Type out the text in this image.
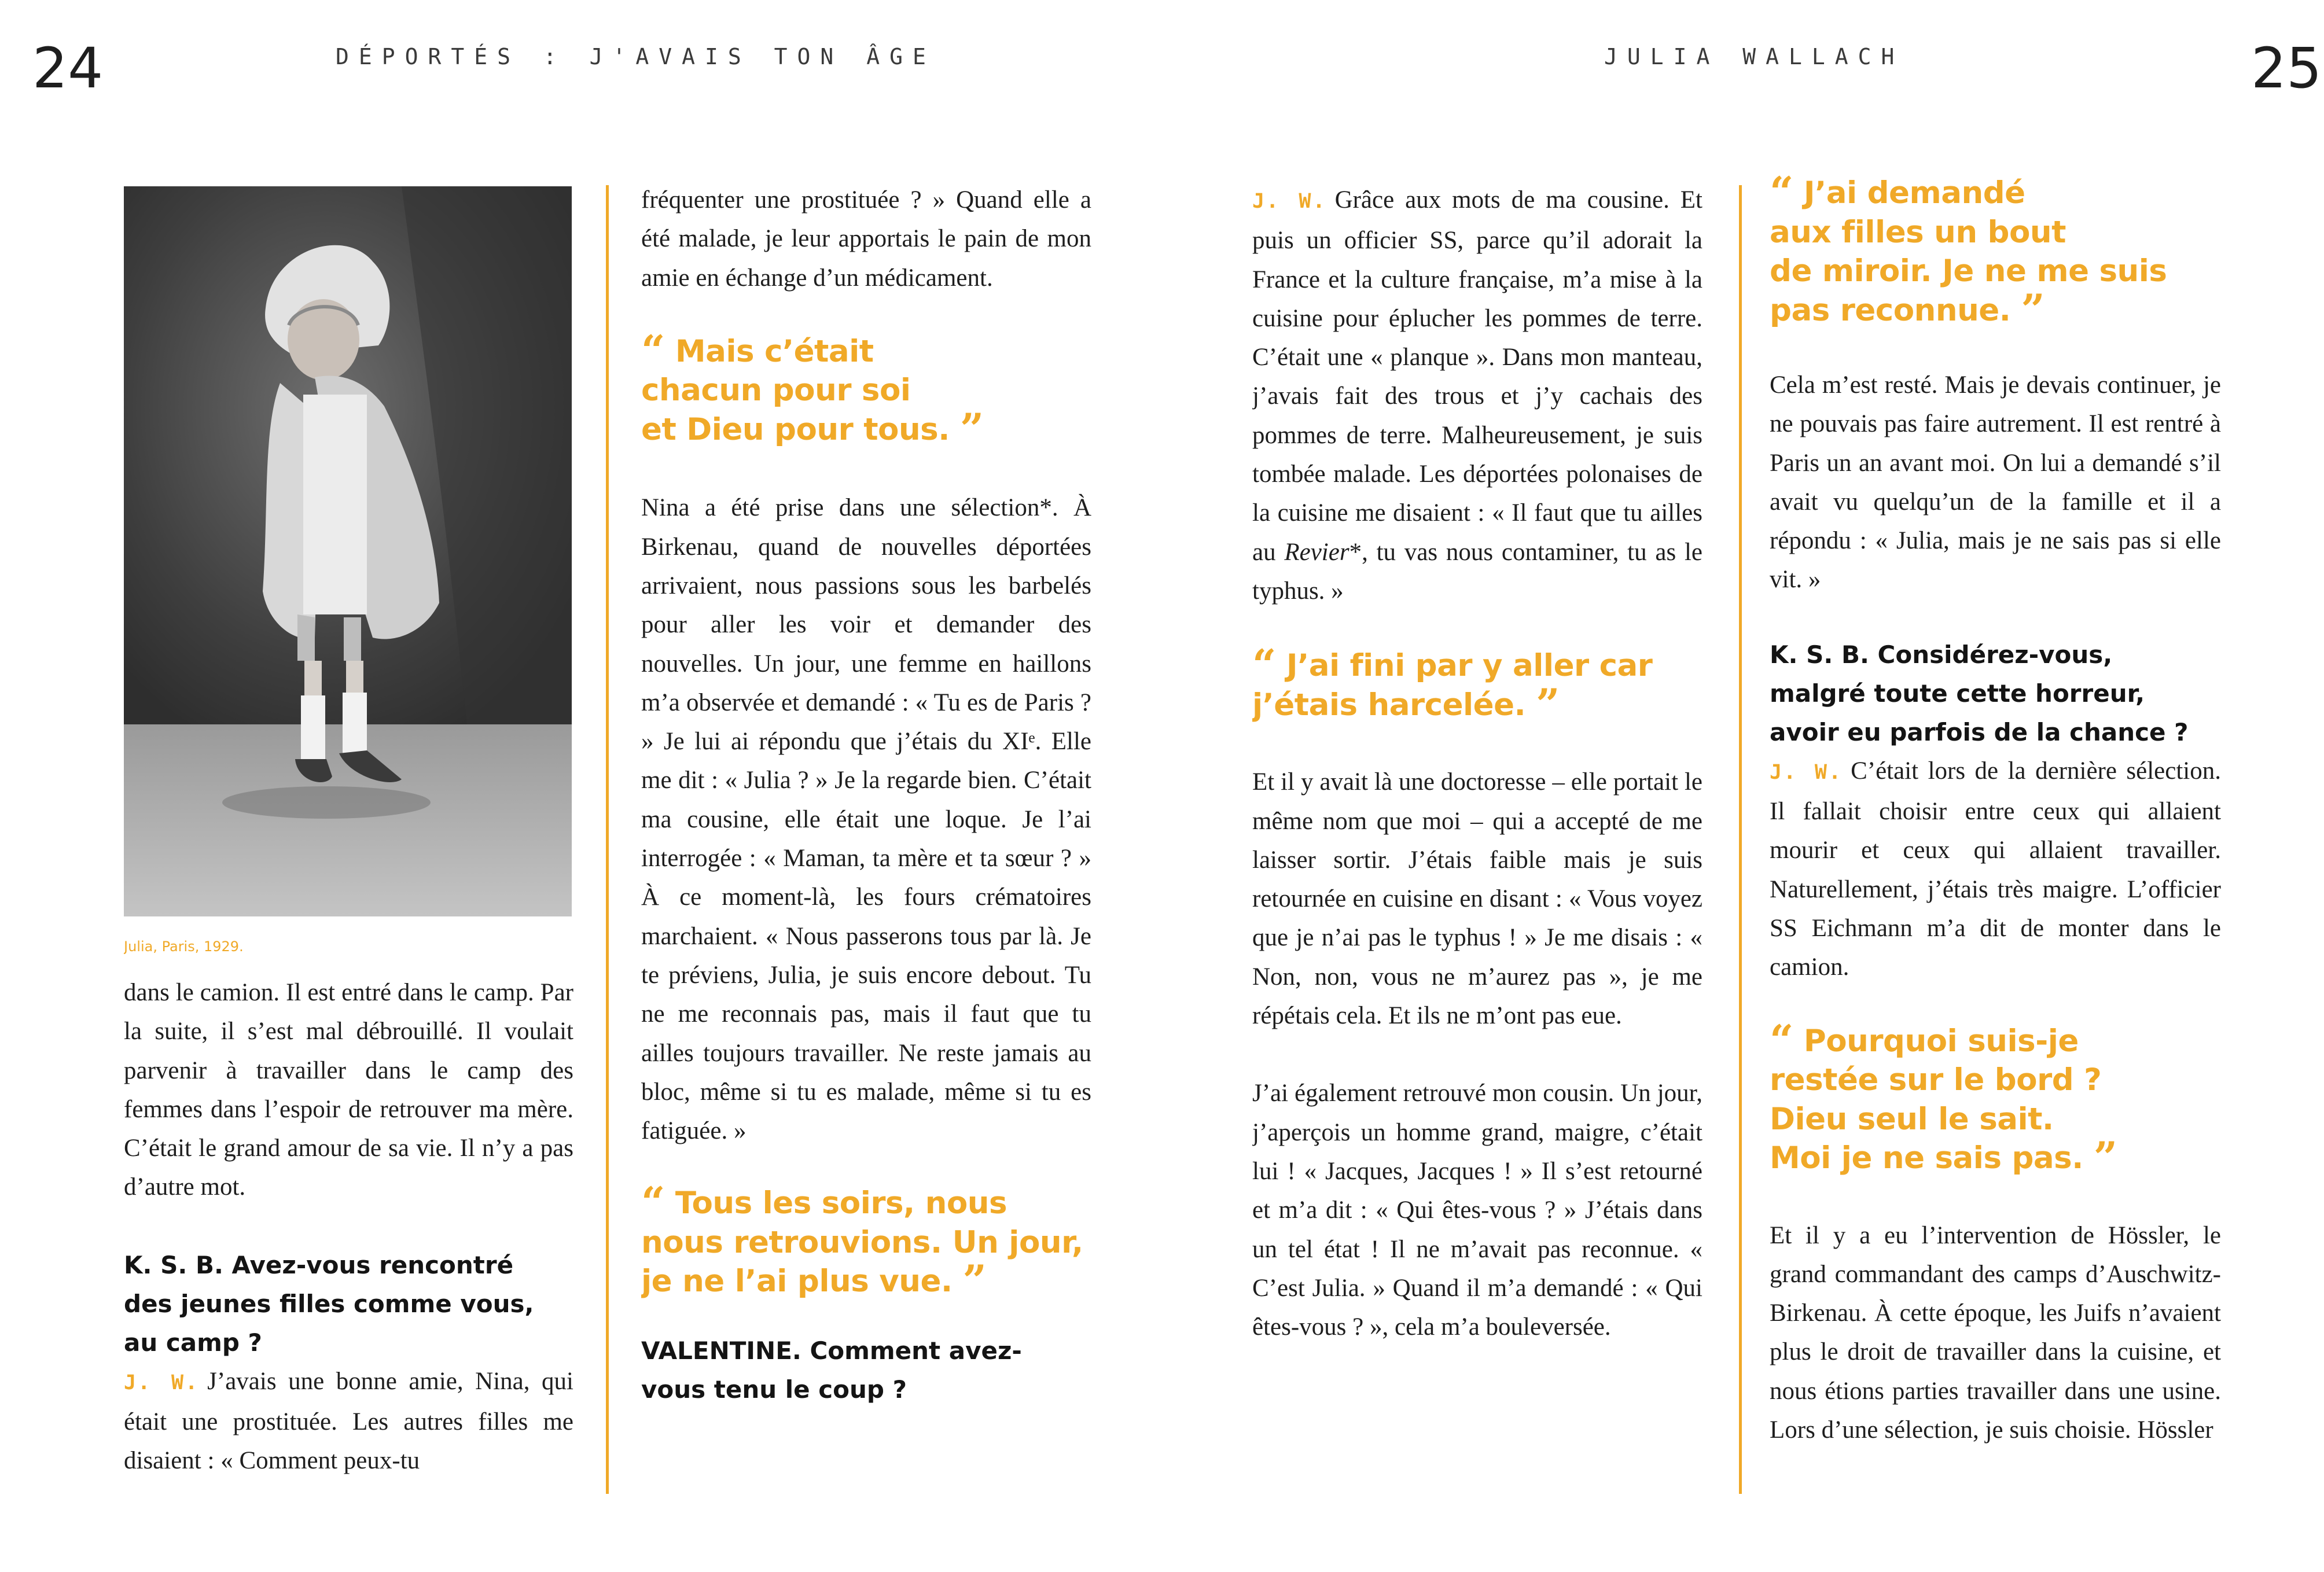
24	DÉPORTÉS : J'AVAIS TON ÂGE	JULIA WALLACH	25
Julia, Paris, 1929.
dans le camion. Il est entré dans le camp. Par la suite, il s’est mal débrouillé. Il voulait parvenir à travailler dans le camp des femmes dans l’espoir de retrouver ma mère. C’était le grand amour de sa vie. Il n’y a pas d’autre mot.
K. S. B. Avez-vous rencontré
des jeunes filles comme vous,
au camp ?
J. W. J’avais une bonne amie, Nina, qui était une prostituée. Les autres filles me disaient : « Comment peux-tu
fréquenter une prostituée ? » Quand elle a été malade, je leur apportais le pain de mon amie en échange d’un médicament.
“ Mais c’était
chacun pour soi
et Dieu pour tous. ”
Nina a été prise dans une sélection*. À Birkenau, quand de nouvelles déportées arrivaient, nous passions sous les barbelés pour aller les voir et demander des nouvelles. Un jour, une femme en haillons m’a observée et demandé : « Tu es de Paris ? » Je lui ai répondu que j’étais du XIᵉ. Elle me dit : « Julia ? » Je la regarde bien. C’était ma cousine, elle était une loque. Je l’ai interrogée : « Maman, ta mère et ta sœur ? » À ce moment-là, les fours crématoires marchaient. « Nous passerons tous par là. Je te préviens, Julia, je suis encore debout. Tu ne me reconnais pas, mais il faut que tu ailles toujours travailler. Ne reste jamais au bloc, même si tu es malade, même si tu es fatiguée. »
“ Tous les soirs, nous
nous retrouvions. Un jour,
je ne l’ai plus vue. ”
VALENTINE. Comment avez-
vous tenu le coup ?
J. W. Grâce aux mots de ma cousine. Et puis un officier SS, parce qu’il adorait la France et la culture française, m’a mise à la cuisine pour éplucher les pommes de terre. C’était une « planque ». Dans mon manteau, j’avais fait des trous et j’y cachais des pommes de terre. Malheureusement, je suis tombée malade. Les déportées polonaises de la cuisine me disaient : « Il faut que tu ailles au Revier*, tu vas nous contaminer, tu as le typhus. »
“ J’ai fini par y aller car
j’étais harcelée. ”
Et il y avait là une doctoresse – elle portait le même nom que moi – qui a accepté de me laisser sortir. J’étais faible mais je suis retournée en cuisine en disant : « Vous voyez que je n’ai pas le typhus ! » Je me disais : « Non, non, vous ne m’aurez pas », je me répétais cela. Et ils ne m’ont pas eue.
J’ai également retrouvé mon cousin. Un jour, j’aperçois un homme grand, maigre, c’était lui ! « Jacques, Jacques ! » Il s’est retourné et m’a dit : « Qui êtes-vous ? » J’étais dans un tel état ! Il ne m’avait pas reconnue. « C’est Julia. » Quand il m’a demandé : « Qui êtes-vous ? », cela m’a bouleversée.
“ J’ai demandé
aux filles un bout
de miroir. Je ne me suis
pas reconnue. ”
Cela m’est resté. Mais je devais continuer, je ne pouvais pas faire autrement. Il est rentré à Paris un an avant moi. On lui a demandé s’il avait vu quelqu’un de la famille et il a répondu : « Julia, mais je ne sais pas si elle vit. »
K. S. B. Considérez-vous,
malgré toute cette horreur,
avoir eu parfois de la chance ?
J. W. C’était lors de la dernière sélection. Il fallait choisir entre ceux qui allaient mourir et ceux qui allaient travailler. Naturellement, j’étais très maigre. L’officier SS Eichmann m’a dit de monter dans le camion.
“ Pourquoi suis-je
restée sur le bord ?
Dieu seul le sait.
Moi je ne sais pas. ”
Et il y a eu l’intervention de Hössler, le grand commandant des camps d’Auschwitz-Birkenau. À cette époque, les Juifs n’avaient plus le droit de travailler dans la cuisine, et nous étions parties travailler dans une usine. Lors d’une sélection, je suis choisie. Hössler
